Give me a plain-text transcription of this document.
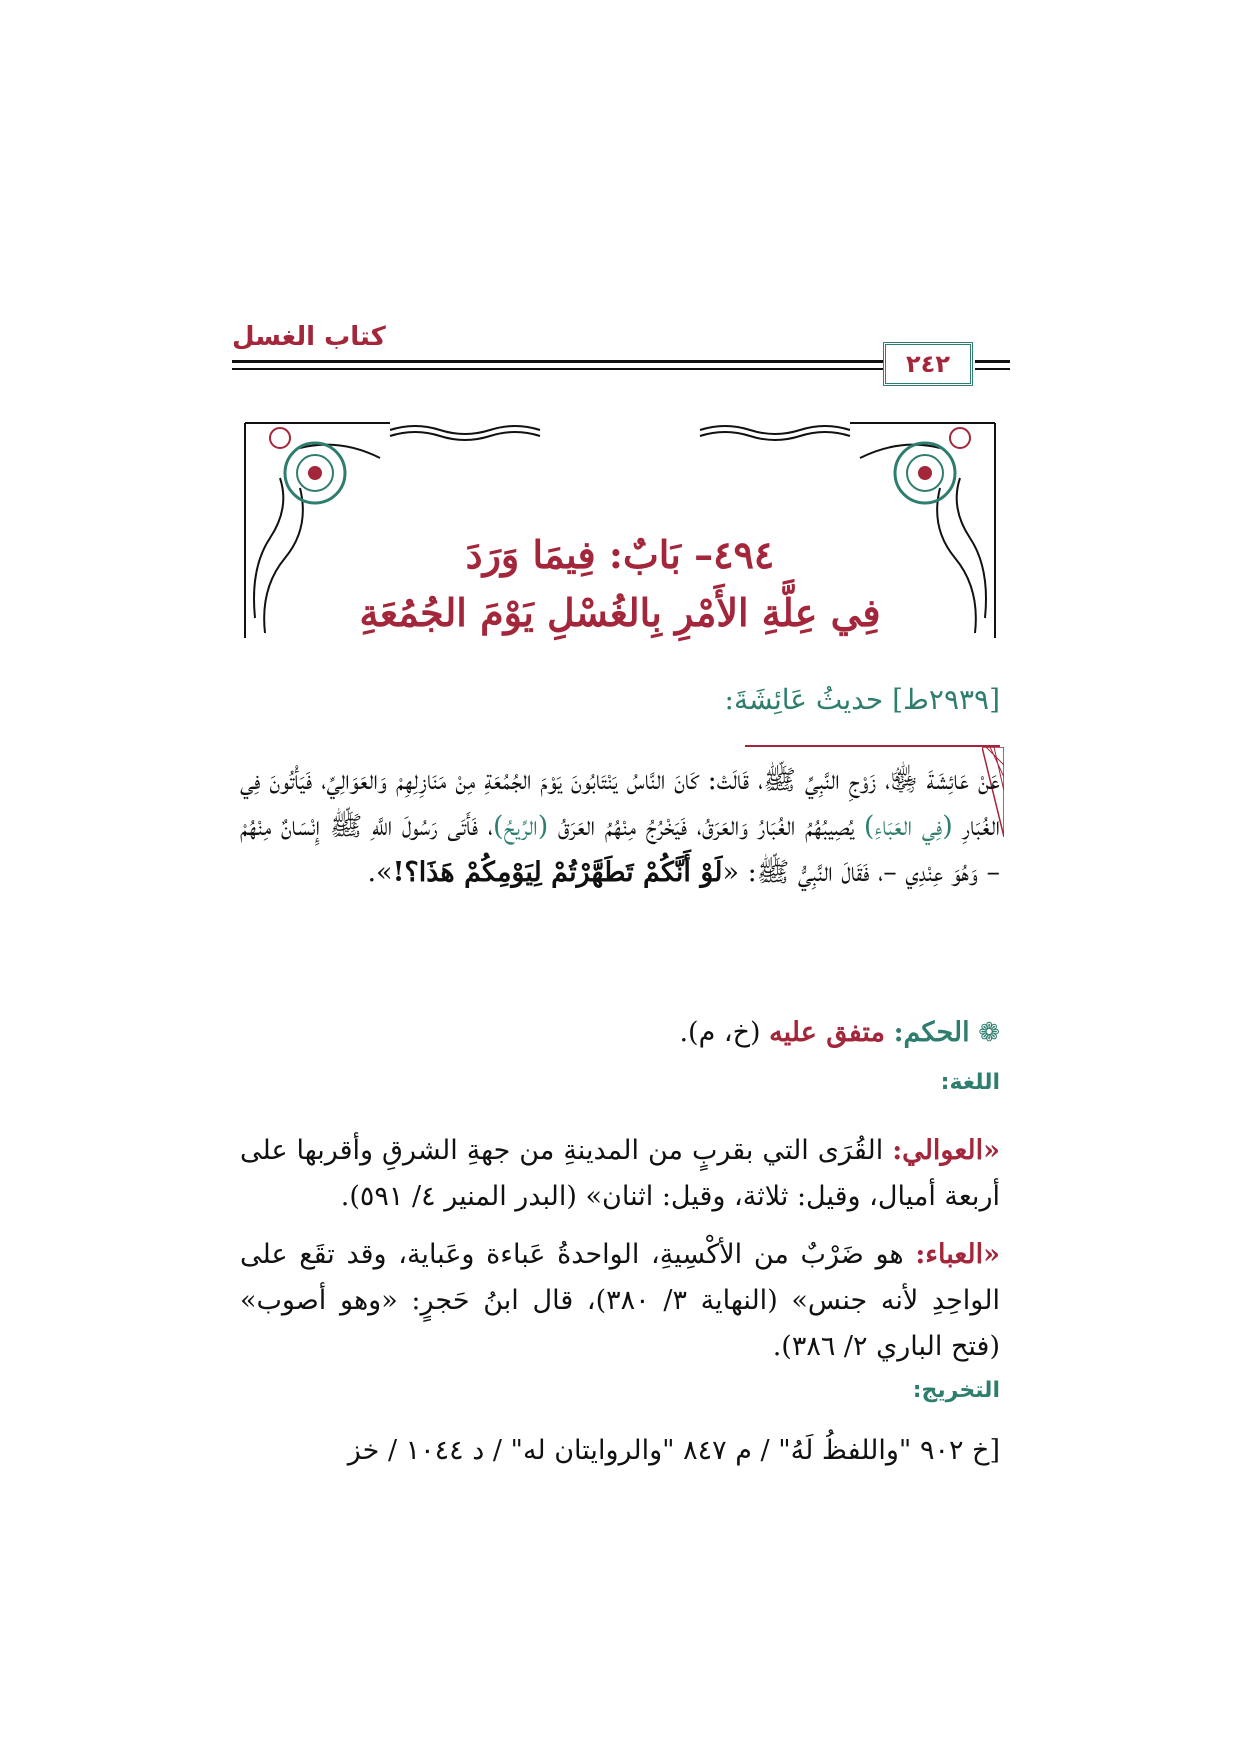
كتاب الغسل
٢٤٢
٤٩٤– بَابٌ: فِيمَا وَرَدَ
فِي عِلَّةِ الأَمْرِ بِالغُسْلِ يَوْمَ الجُمُعَةِ
[٢٩٣٩ط] حديثُ عَائِشَةَ:
عَنْ عَائِشَةَ ﵂، زَوْجِ النَّبِيِّ ﷺ، قَالَتْ: كَانَ النَّاسُ يَنْتَابُونَ يَوْمَ الجُمُعَةِ مِنْ مَنَازِلِهِمْ وَالعَوَالِيِّ، فَيَأْتُونَ فِي الغُبَارِ (فِي العَبَاءِ) يُصِيبُهُمُ الغُبَارُ وَالعَرَقُ، فَيَخْرُجُ مِنْهُمُ العَرَقُ (الرِّيحُ)، فَأَتَى رَسُولَ اللَّهِ ﷺ إِنْسَانٌ مِنْهُمْ – وَهُوَ عِنْدِي –، فَقَالَ النَّبِيُّ ﷺ: «لَوْ أَنَّكُمْ تَطَهَّرْتُمْ لِيَوْمِكُمْ هَذَا؟!».
❁ الحكم: متفق عليه (خ، م).
اللغة:
«العوالي: القُرَى التي بقربٍ من المدينةِ من جهةِ الشرقِ وأقربها على أربعة أميال، وقيل: ثلاثة، وقيل: اثنان» (البدر المنير ٤/ ٥٩١).
«العباء: هو ضَرْبٌ من الأكْسِيةِ، الواحدةُ عَباءة وعَباية، وقد تقَع على الواحِدِ لأنه جنس» (النهاية ٣/ ٣٨٠)، قال ابنُ حَجرٍ: «وهو أصوب» (فتح الباري ٢/ ٣٨٦).
التخريج:
[خ ٩٠٢ "واللفظُ لَهُ" / م ٨٤٧ "والروايتان له" / د ١٠٤٤ / خز
